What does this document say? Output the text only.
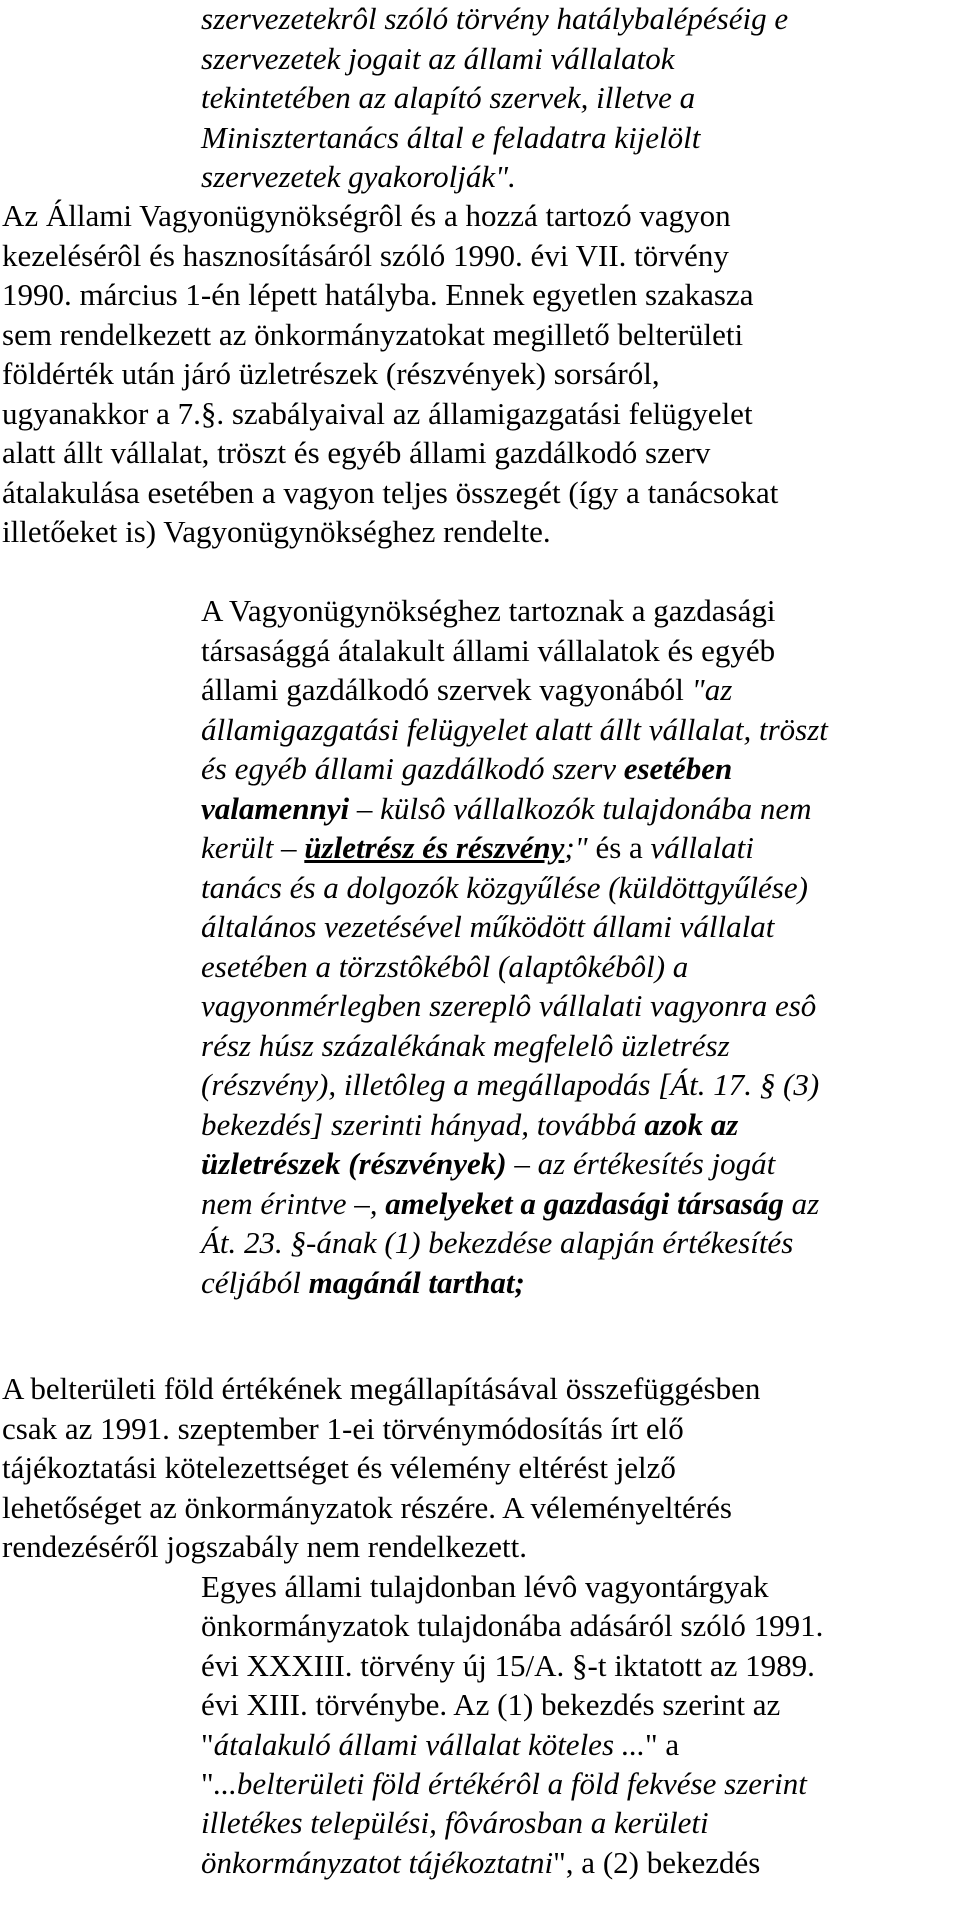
szervezetekrôl szóló törvény hatálybalépéséig e
szervezetek jogait az állami vállalatok
tekintetében az alapító szervek, illetve a
Minisztertanács által e feladatra kijelölt
szervezetek gyakorolják".
Az Állami Vagyonügynökségrôl és a hozzá tartozó vagyon
kezelésérôl és hasznosításáról szóló 1990. évi VII. törvény
1990. március 1-én lépett hatályba. Ennek egyetlen szakasza
sem rendelkezett az önkormányzatokat megillető belterületi
földérték után járó üzletrészek (részvények) sorsáról,
ugyanakkor a 7.§. szabályaival az államigazgatási felügyelet
alatt állt vállalat, tröszt és egyéb állami gazdálkodó szerv
átalakulása esetében a vagyon teljes összegét (így a tanácsokat
illetőeket is) Vagyonügynökséghez rendelte.
A Vagyonügynökséghez tartoznak a gazdasági
társasággá átalakult állami vállalatok és egyéb
állami gazdálkodó szervek vagyonából "az
államigazgatási felügyelet alatt állt vállalat, tröszt
és egyéb állami gazdálkodó szerv esetében
valamennyi – külsô vállalkozók tulajdonába nem
került – üzletrész és részvény;" és a vállalati
tanács és a dolgozók közgyűlése (küldöttgyűlése)
általános vezetésével működött állami vállalat
esetében a törzstôkébôl (alaptôkébôl) a
vagyonmérlegben szereplô vállalati vagyonra esô
rész húsz százalékának megfelelô üzletrész
(részvény), illetôleg a megállapodás [Át. 17. § (3)
bekezdés] szerinti hányad, továbbá azok az
üzletrészek (részvények) – az értékesítés jogát
nem érintve –, amelyeket a gazdasági társaság az
Át. 23. §-ának (1) bekezdése alapján értékesítés
céljából magánál tarthat;
A belterületi föld értékének megállapításával összefüggésben
csak az 1991. szeptember 1-ei törvénymódosítás írt elő
tájékoztatási kötelezettséget és vélemény eltérést jelző
lehetőséget az önkormányzatok részére. A véleményeltérés
rendezéséről jogszabály nem rendelkezett.
Egyes állami tulajdonban lévô vagyontárgyak
önkormányzatok tulajdonába adásáról szóló 1991.
évi XXXIII. törvény új 15/A. §-t iktatott az 1989.
évi XIII. törvénybe. Az (1) bekezdés szerint az
"átalakuló állami vállalat köteles ..." a
"...belterületi föld értékérôl a föld fekvése szerint
illetékes települési, fôvárosban a kerületi
önkormányzatot tájékoztatni", a (2) bekezdés
